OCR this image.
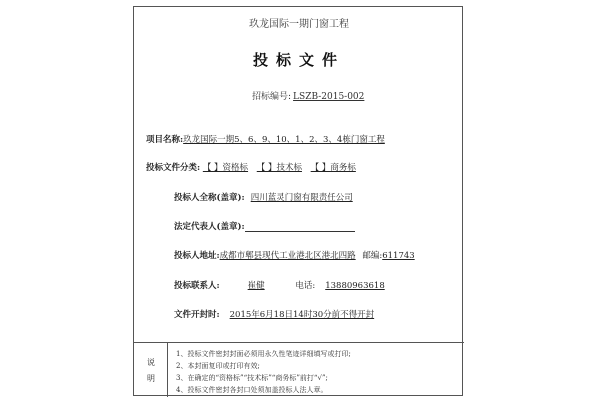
玖龙国际一期门窗工程
投标文件
招标编号: LSZB-2015-002
项目名称:玖龙国际一期5、6、9、10、1、2、3、4栋门窗工程
投标文件分类: 【 】资格标 【 】技术标 【 】商务标
投标人全称(盖章): 四川蓝灵门窗有限责任公司
法定代表人(盖章):
投标人地址:成都市郫县现代工业港北区港北四路 邮编:611743
投标联系人:	崔健	电话: 13880963618
文件开封时: 2015年6月18日14时30分前不得开封
说
明
1、投标文件密封封面必须用永久性笔迹详细填写或打印;
2、本封面复印或打印有效;
3、在确定的“资格标”“技术标”“商务标”前打“√”;
4、投标文件密封各封口处须加盖投标人法人章。
